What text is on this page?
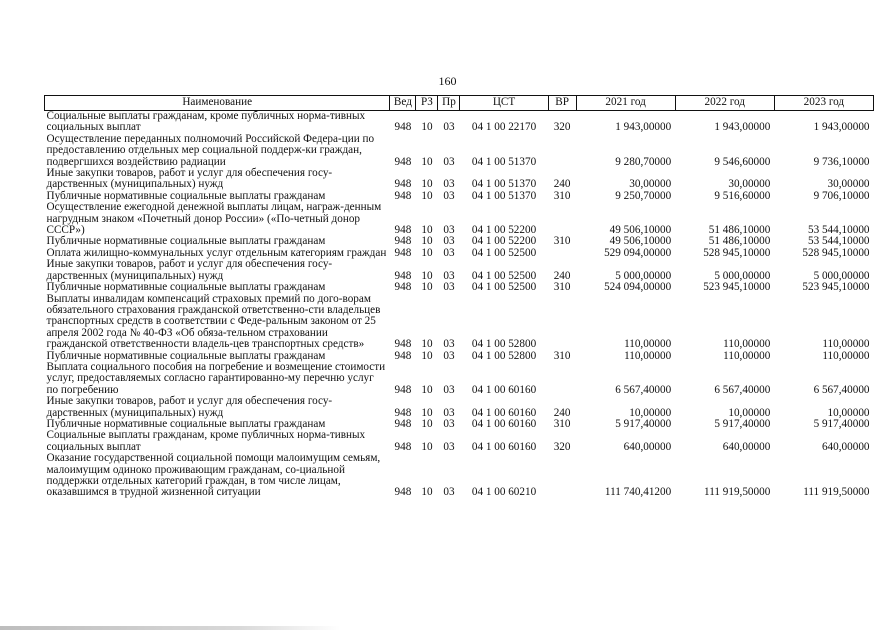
160
Наименование	Вед	РЗ	Пр	ЦСТ	ВР	2021 год	2022 год	2023 год
Социальные выплаты гражданам, кроме публичных норма-тивных социальных выплат	948	10	03	04 1 00 22170	320	1 943,00000	1 943,00000	1 943,00000
Осуществление переданных полномочий Российской Федера-ции по предоставлению отдельных мер социальной поддерж-ки граждан, подвергшихся воздействию радиации	948	10	03	04 1 00 51370		9 280,70000	9 546,60000	9 736,10000
Иные закупки товаров, работ и услуг для обеспечения госу-дарственных (муниципальных) нужд	948	10	03	04 1 00 51370	240	30,00000	30,00000	30,00000
Публичные нормативные социальные выплаты гражданам	948	10	03	04 1 00 51370	310	9 250,70000	9 516,60000	9 706,10000
Осуществление ежегодной денежной выплаты лицам, награж-денным нагрудным знаком «Почетный донор России» («По-четный донор СССР»)	948	10	03	04 1 00 52200		49 506,10000	51 486,10000	53 544,10000
Публичные нормативные социальные выплаты гражданам	948	10	03	04 1 00 52200	310	49 506,10000	51 486,10000	53 544,10000
Оплата жилищно-коммунальных услуг отдельным категориям граждан	948	10	03	04 1 00 52500		529 094,00000	528 945,10000	528 945,10000
Иные закупки товаров, работ и услуг для обеспечения госу-дарственных (муниципальных) нужд	948	10	03	04 1 00 52500	240	5 000,00000	5 000,00000	5 000,00000
Публичные нормативные социальные выплаты гражданам	948	10	03	04 1 00 52500	310	524 094,00000	523 945,10000	523 945,10000
Выплаты инвалидам компенсаций страховых премий по дого-ворам обязательного страхования гражданской ответственно-сти владельцев транспортных средств в соответствии с Феде-ральным законом от 25 апреля 2002 года № 40-ФЗ «Об обяза-тельном страховании гражданской ответственности владель-цев транспортных средств»	948	10	03	04 1 00 52800		110,00000	110,00000	110,00000
Публичные нормативные социальные выплаты гражданам	948	10	03	04 1 00 52800	310	110,00000	110,00000	110,00000
Выплата социального пособия на погребение и возмещение стоимости услуг, предоставляемых согласно гарантированно-му перечню услуг по погребению	948	10	03	04 1 00 60160		6 567,40000	6 567,40000	6 567,40000
Иные закупки товаров, работ и услуг для обеспечения госу-дарственных (муниципальных) нужд	948	10	03	04 1 00 60160	240	10,00000	10,00000	10,00000
Публичные нормативные социальные выплаты гражданам	948	10	03	04 1 00 60160	310	5 917,40000	5 917,40000	5 917,40000
Социальные выплаты гражданам, кроме публичных норма-тивных социальных выплат	948	10	03	04 1 00 60160	320	640,00000	640,00000	640,00000
Оказание государственной социальной помощи малоимущим семьям, малоимущим одиноко проживающим гражданам, со-циальной поддержки отдельных категорий граждан, в том числе лицам, оказавшимся в трудной жизненной ситуации	948	10	03	04 1 00 60210		111 740,41200	111 919,50000	111 919,50000
